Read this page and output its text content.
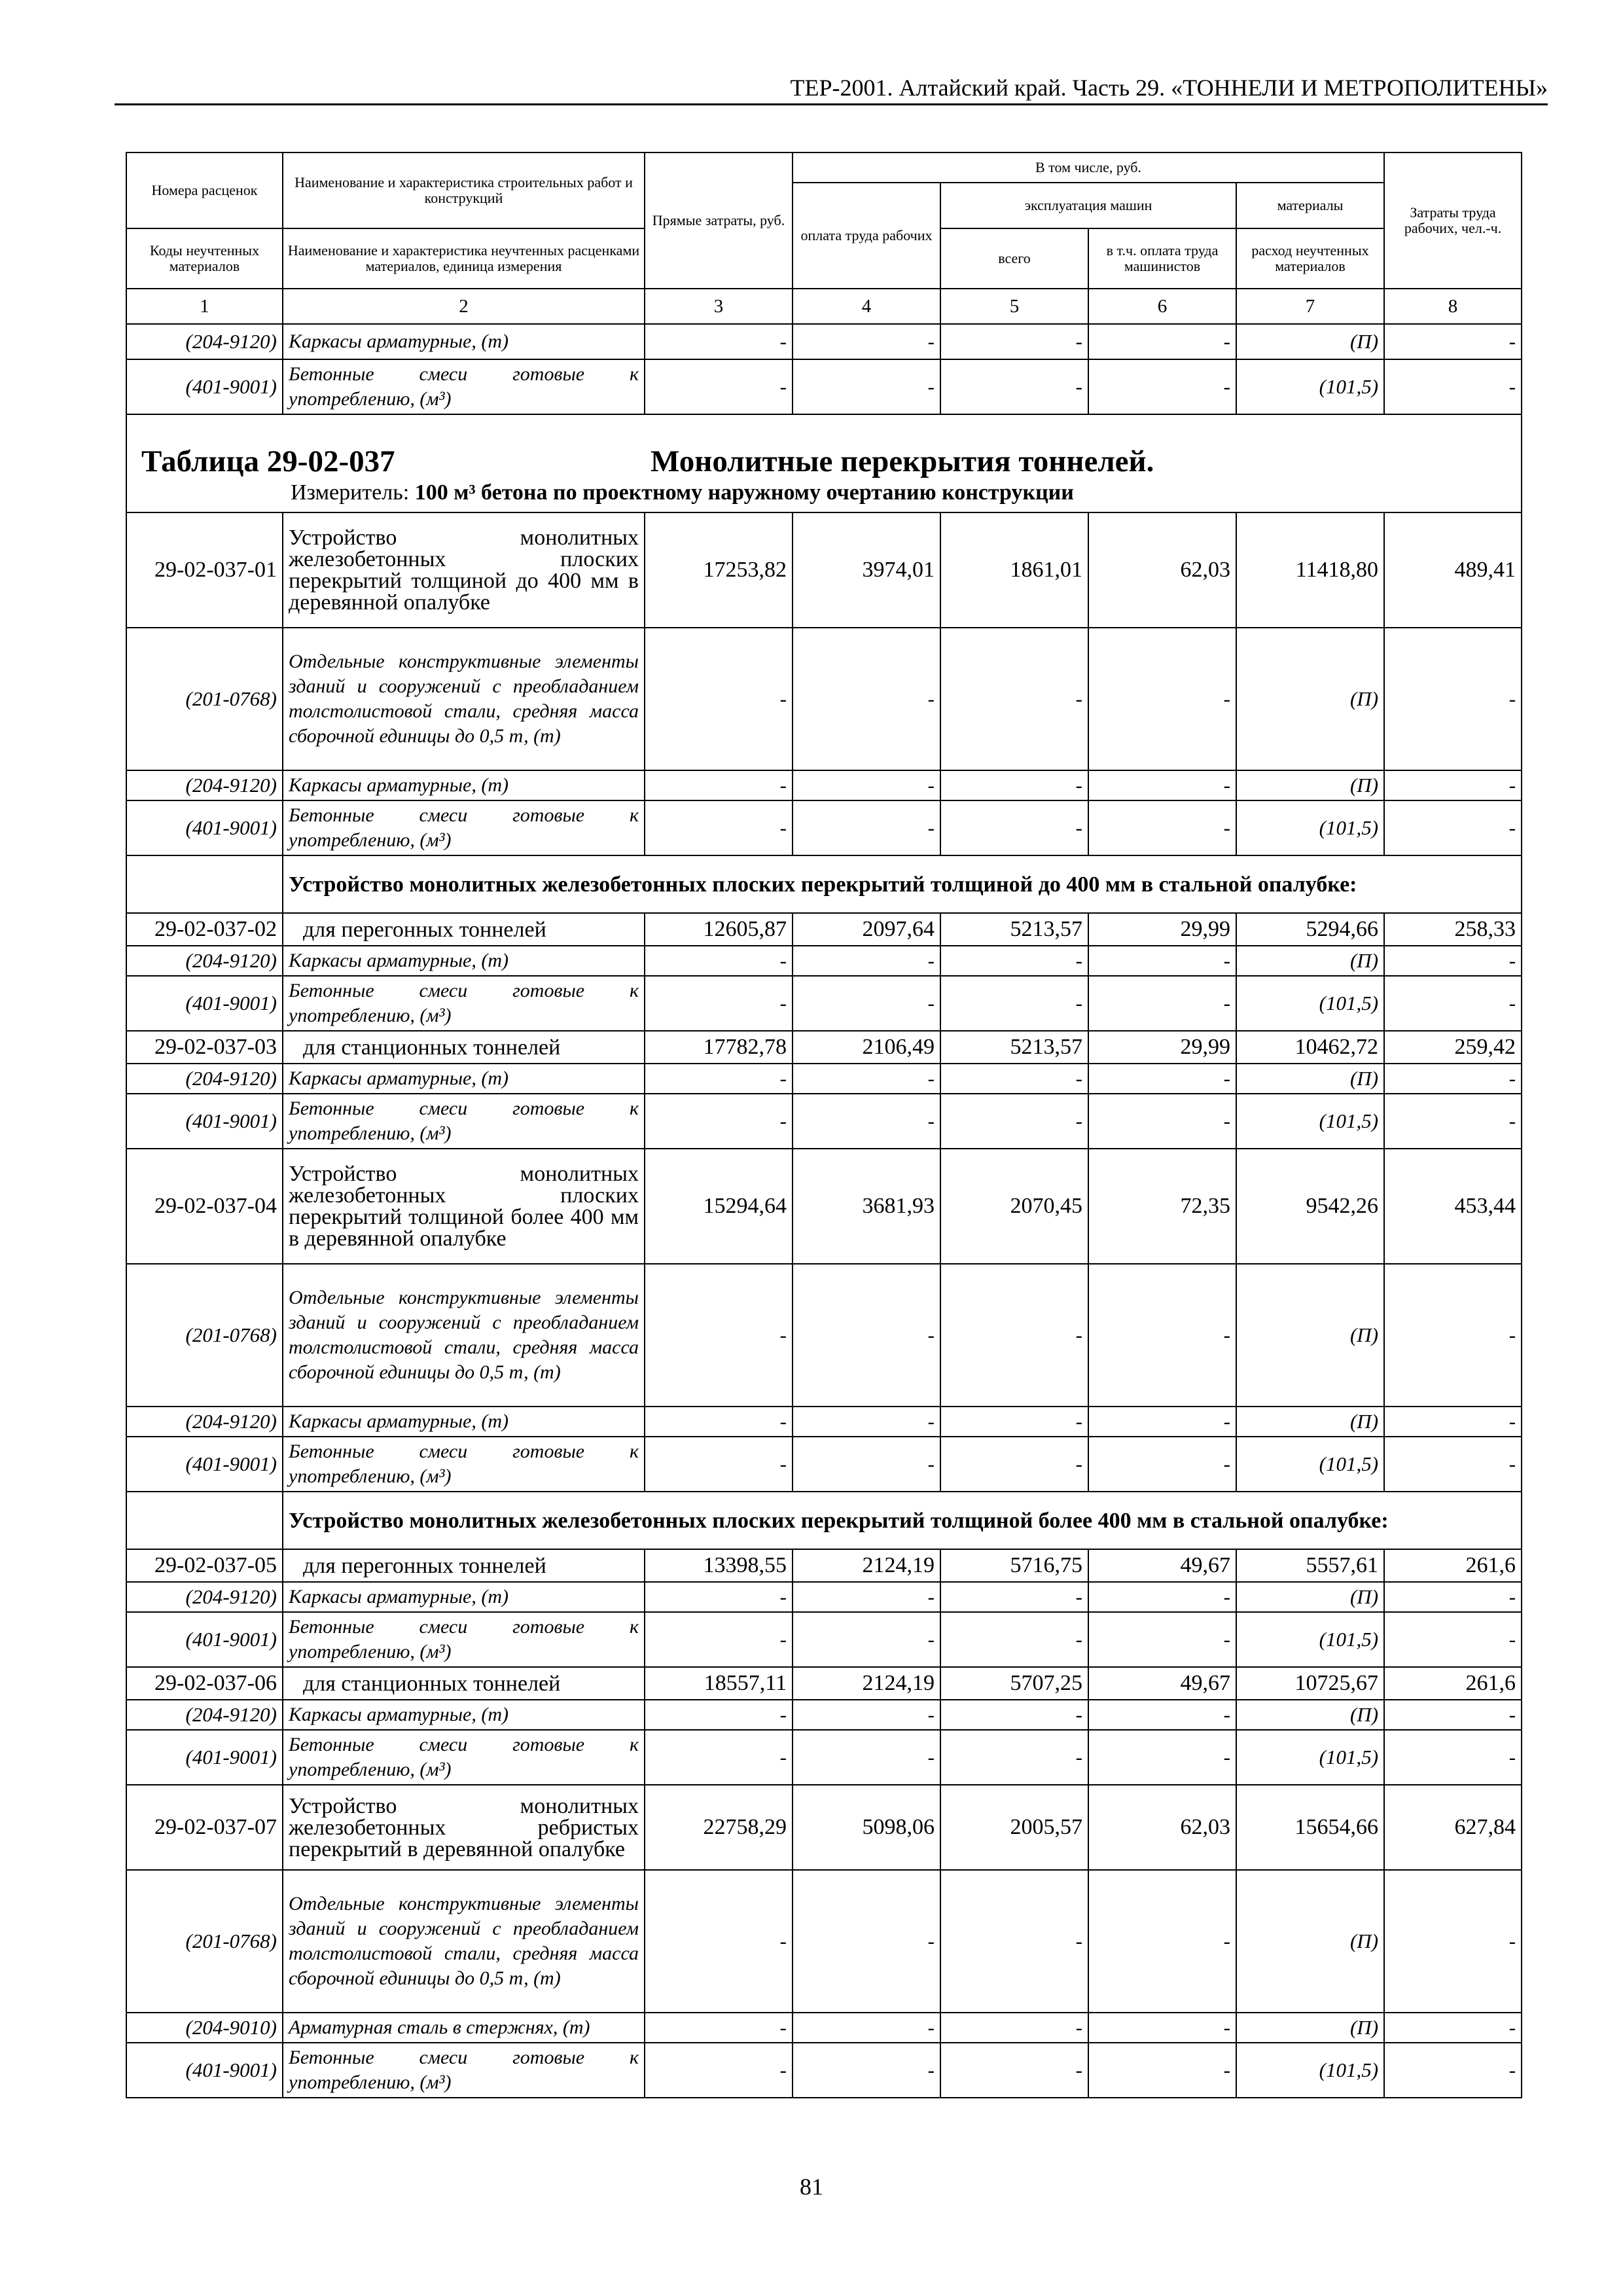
ТЕР-2001. Алтайский край. Часть 29. «ТОННЕЛИ И МЕТРОПОЛИТЕНЫ»
Номера расценок	Наименование и характеристика строительных работ и конструкций	Прямые затраты, руб.	В том числе, руб.				Затраты труда рабочих, чел.-ч.
			оплата труда рабочих	эксплуатация машин		материалы	
Коды неучтенных материалов	Наименование и характеристика неучтенных расценками материалов, единица измерения			всего	в т.ч. оплата труда машинистов	расход неучтенных материалов	
1	2	3	4	5	6	7	8
(204-9120)	Каркасы арматурные, (т)	-	-	-	-	(П)	-
(401-9001)	Бетонные смеси готовые к употреблению, (м³)	-	-	-	-	(101,5)	-

Таблица 29-02-037 Монолитные перекрытия тоннелей.
Измеритель: 100 м³ бетона по проектному наружному очертанию конструкции							

29-02-037-01	Устройство монолитных железобетонных плоских перекрытий толщиной до 400 мм в деревянной опалубке	17253,82	3974,01	1861,01	62,03	11418,80	489,41
(201-0768)	Отдельные конструктивные элементы зданий и сооружений с преобладанием толстолистовой стали, средняя масса сборочной единицы до 0,5 т, (т)	-	-	-	-	(П)	-
(204-9120)	Каркасы арматурные, (т)	-	-	-	-	(П)	-
(401-9001)	Бетонные смеси готовые к употреблению, (м³)	-	-	-	-	(101,5)	-
	Устройство монолитных железобетонных плоских перекрытий толщиной до 400 мм в стальной опалубке:						
29-02-037-02	для перегонных тоннелей	12605,87	2097,64	5213,57	29,99	5294,66	258,33
(204-9120)	Каркасы арматурные, (т)	-	-	-	-	(П)	-
(401-9001)	Бетонные смеси готовые к употреблению, (м³)	-	-	-	-	(101,5)	-
29-02-037-03	для станционных тоннелей	17782,78	2106,49	5213,57	29,99	10462,72	259,42
(204-9120)	Каркасы арматурные, (т)	-	-	-	-	(П)	-
(401-9001)	Бетонные смеси готовые к употреблению, (м³)	-	-	-	-	(101,5)	-
29-02-037-04	Устройство монолитных железобетонных плоских перекрытий толщиной более 400 мм в деревянной опалубке	15294,64	3681,93	2070,45	72,35	9542,26	453,44
(201-0768)	Отдельные конструктивные элементы зданий и сооружений с преобладанием толстолистовой стали, средняя масса сборочной единицы до 0,5 т, (т)	-	-	-	-	(П)	-
(204-9120)	Каркасы арматурные, (т)	-	-	-	-	(П)	-
(401-9001)	Бетонные смеси готовые к употреблению, (м³)	-	-	-	-	(101,5)	-
	Устройство монолитных железобетонных плоских перекрытий толщиной более 400 мм в стальной опалубке:						
29-02-037-05	для перегонных тоннелей	13398,55	2124,19	5716,75	49,67	5557,61	261,6
(204-9120)	Каркасы арматурные, (т)	-	-	-	-	(П)	-
(401-9001)	Бетонные смеси готовые к употреблению, (м³)	-	-	-	-	(101,5)	-
29-02-037-06	для станционных тоннелей	18557,11	2124,19	5707,25	49,67	10725,67	261,6
(204-9120)	Каркасы арматурные, (т)	-	-	-	-	(П)	-
(401-9001)	Бетонные смеси готовые к употреблению, (м³)	-	-	-	-	(101,5)	-
29-02-037-07	Устройство монолитных железобетонных ребристых перекрытий в деревянной опалубке	22758,29	5098,06	2005,57	62,03	15654,66	627,84
(201-0768)	Отдельные конструктивные элементы зданий и сооружений с преобладанием толстолистовой стали, средняя масса сборочной единицы до 0,5 т, (т)	-	-	-	-	(П)	-
(204-9010)	Арматурная сталь в стержнях, (т)	-	-	-	-	(П)	-
(401-9001)	Бетонные смеси готовые к употреблению, (м³)	-	-	-	-	(101,5)	-
81
